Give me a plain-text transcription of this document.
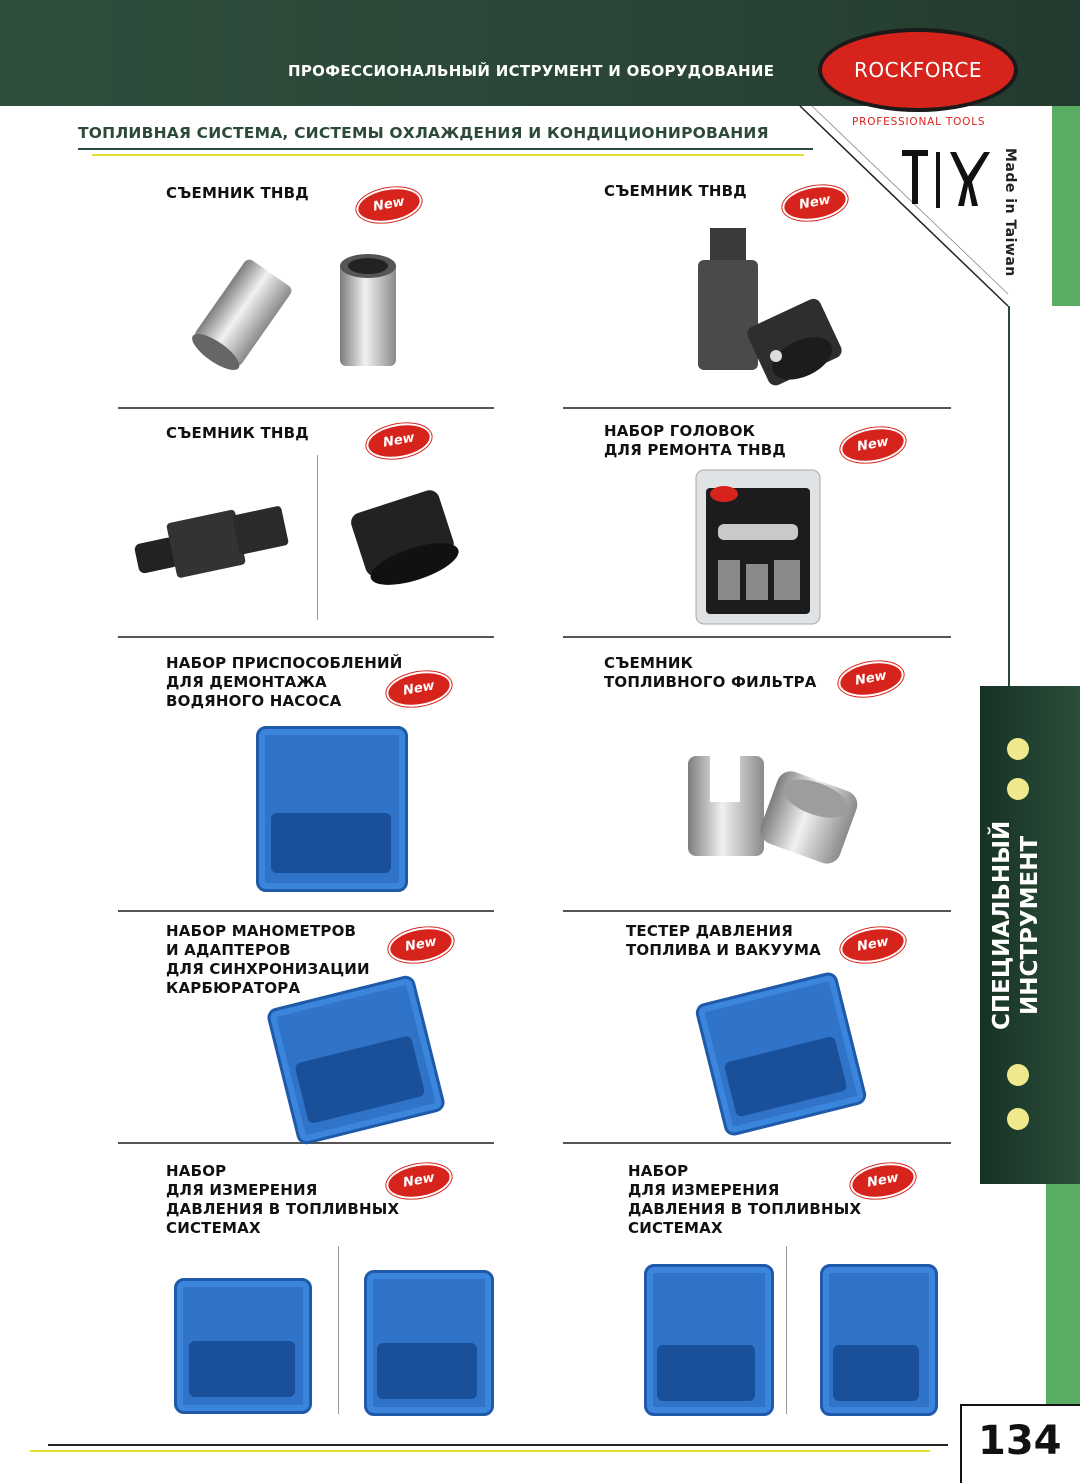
ПРОФЕССИОНАЛЬНЫЙ ИСТРУМЕНТ И ОБОРУДОВАНИЕ	ROCKFORCE
PROFESSIONAL TOOLS
Made in Taiwan
ТОПЛИВНАЯ СИСТЕМА, СИСТЕМЫ ОХЛАЖДЕНИЯ И КОНДИЦИОНИРОВАНИЯ
СПЕЦИАЛЬНЫЙ ИНСТРУМЕНТ
СЪЕМНИК ТНВД
New
СЪЕМНИК ТНВД
New
СЪЕМНИК ТНВД	New	НАБОР ГОЛОВОК
ДЛЯ РЕМОНТА ТНВД	New
НАБОР ПРИСПОСОБЛЕНИЙ
ДЛЯ ДЕМОНТАЖА
ВОДЯНОГО НАСОСА
New
СЪЕМНИК
ТОПЛИВНОГО ФИЛЬТРА	New
НАБОР МАНОМЕТРОВ
И АДАПТЕРОВ
ДЛЯ СИНХРОНИЗАЦИИ
КАРБЮРАТОРА
New
ТЕСТЕР ДАВЛЕНИЯ
ТОПЛИВА И ВАКУУМА	New
НАБОР
ДЛЯ ИЗМЕРЕНИЯ
ДАВЛЕНИЯ В ТОПЛИВНЫХ
СИСТЕМАХ
New	НАБОР
ДЛЯ ИЗМЕРЕНИЯ
ДАВЛЕНИЯ В ТОПЛИВНЫХ
СИСТЕМАХ
New
134
